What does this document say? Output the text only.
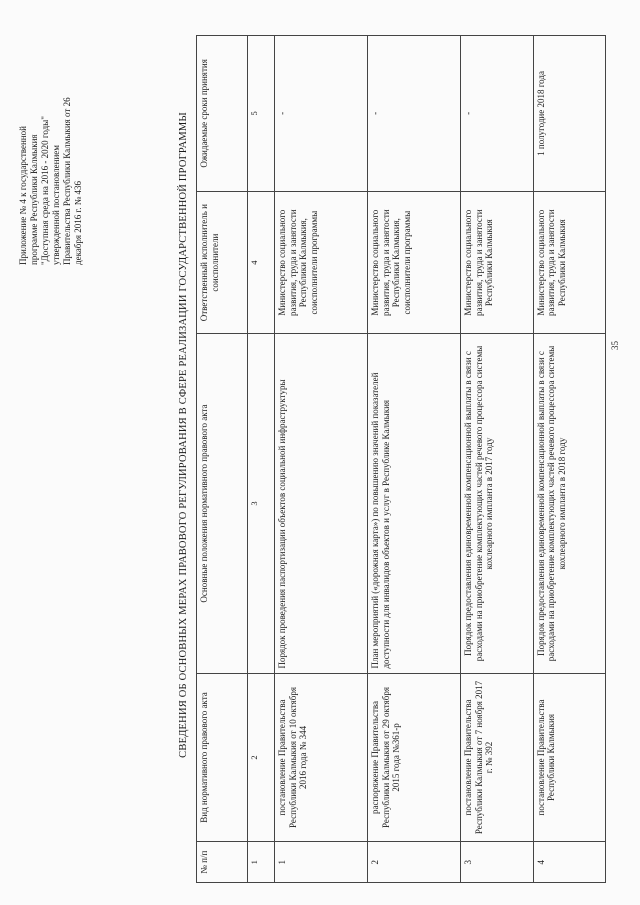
Приложение № 4 к государственной программе Республики Калмыкия "Доступная среда на 2016 - 2020 годы" утвержденной постановлением Правительства Республики Калмыкия от 26 декабря 2016 г. № 436	СВЕДЕНИЯ ОБ ОСНОВНЫХ МЕРАХ ПРАВОВОГО РЕГУЛИРОВАНИЯ В СФЕРЕ РЕАЛИЗАЦИИ ГОСУДАРСТВЕННОЙ ПРОГРАММЫ
№ п/п	Вид нормативного правового акта	Основные положения нормативного правового акта	Ответственный исполнитель и соисполнители	Ожидаемые сроки принятия
1	2	3	4	5
1	постановление Правительства Республики Калмыкия от 10 октября 2016 года № 344	Порядок проведения паспортизации объектов социальной инфраструктуры	Министерство социального развития, труда и занятости Республики Калмыкия, соисполнители программы	-
2	распоряжение Правительства Республики Калмыкия от 29 октября 2015 года №361-р	План мероприятий («дорожная карта») по повышению значений показателей доступности для инвалидов объектов и услуг в Республике Калмыкия	Министерство социального развития, труда и занятости Республики Калмыкия, соисполнители программы	-
3	постановление Правительства Республики Калмыкия от 7 ноября 2017 г. № 392	Порядок предоставления единовременной компенсационной выплаты в связи с расходами на приобретение комплектующих частей речевого процессора системы кохлеарного импланта в 2017 году	Министерство социального развития, труда и занятости Республики Калмыкия	-
4	постановление Правительства Республики Калмыкия	Порядок предоставления единовременной компенсационной выплаты в связи с расходами на приобретение комплектующих частей речевого процессора системы кохлеарного импланта в 2018 году	Министерство социального развития, труда и занятости Республики Калмыкия	1 полугодие 2018 года
35
